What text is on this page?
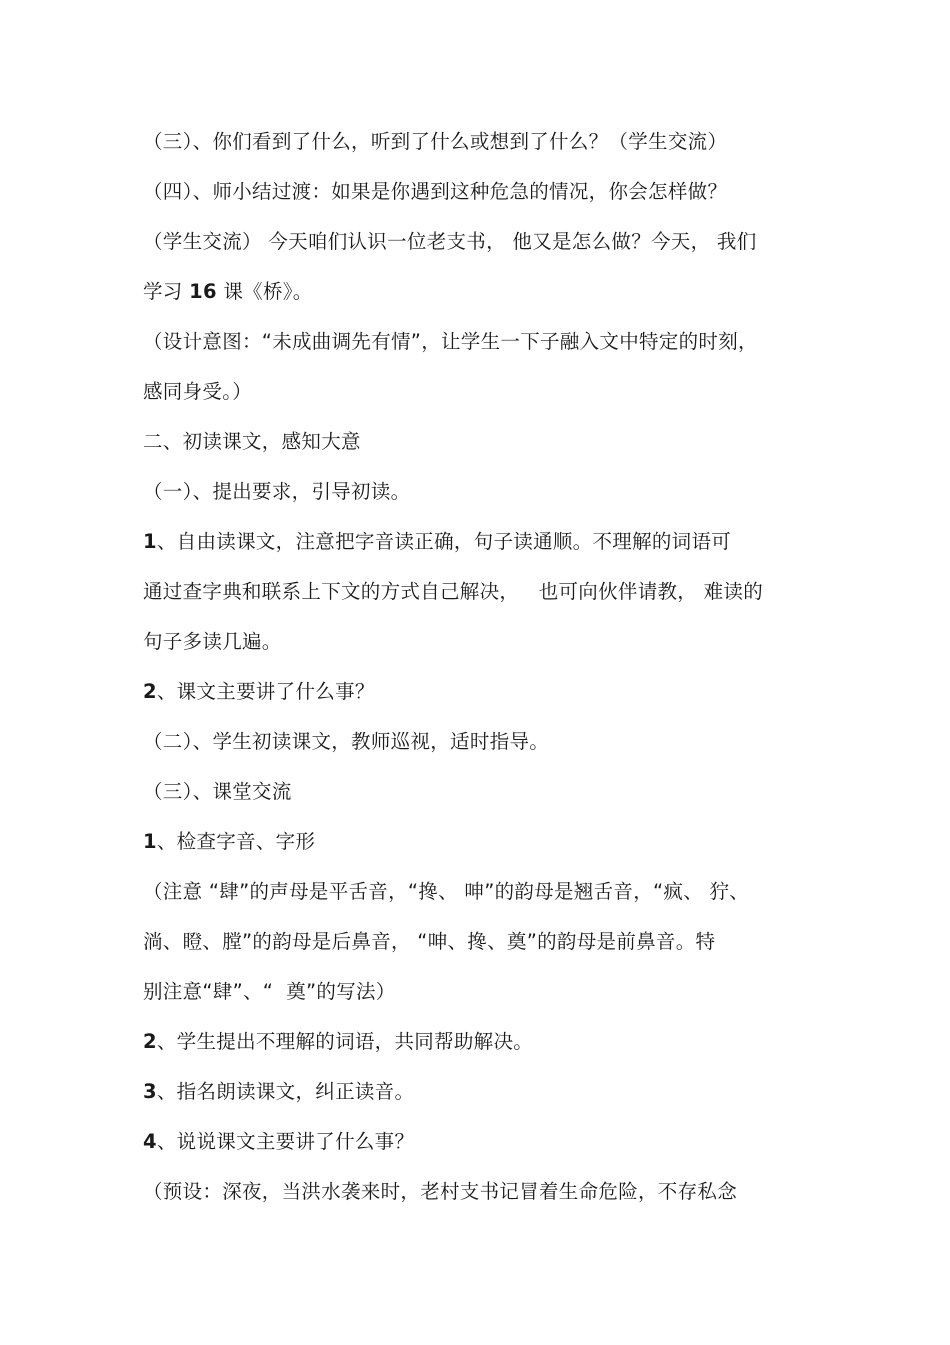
（三）、你们看到了什么，听到了什么或想到了什么？（学生交流）
（四）、师小结过渡：如果是你遇到这种危急的情况，你会怎样做？
（学生交流） 今天咱们认识一位老支书， 他又是怎么做？今天， 我们
学习 16 课《桥》。
（设计意图：“未成曲调先有情”，让学生一下子融入文中特定的时刻，
感同身受。）
二、初读课文，感知大意
（一）、提出要求，引导初读。
1、自由读课文，注意把字音读正确，句子读通顺。不理解的词语可
通过查字典和联系上下文的方式自己解决，   也可向伙伴请教， 难读的
句子多读几遍。
2、课文主要讲了什么事？
（二）、学生初读课文，教师巡视，适时指导。
（三）、课堂交流
1、检查字音、字形
（注意 “肆”的声母是平舌音，“搀、 呻”的韵母是翘舌音，“疯、 狞、
淌、瞪、膛”的韵母是后鼻音， “呻、搀、奠”的韵母是前鼻音。特
别注意“肆”、“  奠”的写法）
2、学生提出不理解的词语，共同帮助解决。
3、指名朗读课文，纠正读音。
4、说说课文主要讲了什么事？
（预设：深夜，当洪水袭来时，老村支书记冒着生命危险，不存私念
